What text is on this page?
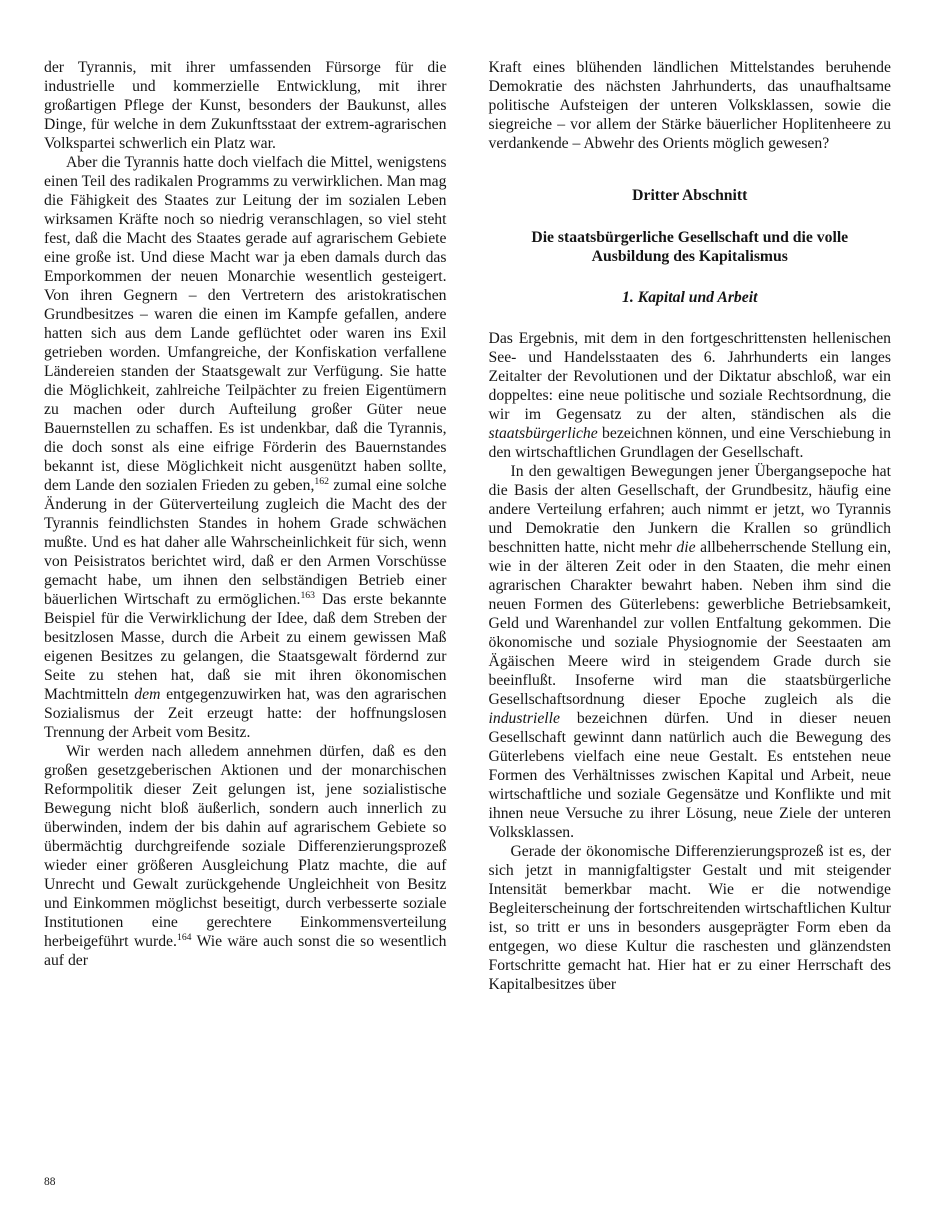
der Tyrannis, mit ihrer umfassenden Fürsorge für die industrielle und kommerzielle Entwicklung, mit ihrer großartigen Pflege der Kunst, besonders der Baukunst, alles Dinge, für welche in dem Zukunftsstaat der extrem-agrarischen Volkspartei schwerlich ein Platz war.

Aber die Tyrannis hatte doch vielfach die Mittel, wenigstens einen Teil des radikalen Programms zu verwirklichen. Man mag die Fähigkeit des Staates zur Leitung der im sozialen Leben wirksamen Kräfte noch so niedrig veranschlagen, so viel steht fest, daß die Macht des Staates gerade auf agrarischem Gebiete eine große ist. Und diese Macht war ja eben damals durch das Emporkommen der neuen Monarchie wesentlich gesteigert. Von ihren Gegnern – den Vertretern des aristokratischen Grundbesitzes – waren die einen im Kampfe gefallen, andere hatten sich aus dem Lande geflüchtet oder waren ins Exil getrieben worden. Umfangreiche, der Konfiskation verfallene Ländereien standen der Staatsgewalt zur Verfügung. Sie hatte die Möglichkeit, zahlreiche Teilpächter zu freien Eigentümern zu machen oder durch Aufteilung großer Güter neue Bauernstellen zu schaffen. Es ist undenkbar, daß die Tyrannis, die doch sonst als eine eifrige Förderin des Bauernstandes bekannt ist, diese Möglichkeit nicht ausgenützt haben sollte, dem Lande den sozialen Frieden zu geben,$^{162}$ zumal eine solche Änderung in der Güterverteilung zugleich die Macht des der Tyrannis feindlichsten Standes in hohem Grade schwächen mußte. Und es hat daher alle Wahrscheinlichkeit für sich, wenn von Peisistratos berichtet wird, daß er den Armen Vorschüsse gemacht habe, um ihnen den selbständigen Betrieb einer bäuerlichen Wirtschaft zu ermöglichen.$^{163}$ Das erste bekannte Beispiel für die Verwirklichung der Idee, daß dem Streben der besitzlosen Masse, durch die Arbeit zu einem gewissen Maß eigenen Besitzes zu gelangen, die Staatsgewalt fördernd zur Seite zu stehen hat, daß sie mit ihren ökonomischen Machtmitteln dem entgegenzuwirken hat, was den agrarischen Sozialismus der Zeit erzeugt hatte: der hoffnungslosen Trennung der Arbeit vom Besitz.

Wir werden nach alledem annehmen dürfen, daß es den großen gesetzgeberischen Aktionen und der monarchischen Reformpolitik dieser Zeit gelungen ist, jene sozialistische Bewegung nicht bloß äußerlich, sondern auch innerlich zu überwinden, indem der bis dahin auf agrarischem Gebiete so übermächtig durchgreifende soziale Differenzierungsprozeß wieder einer größeren Ausgleichung Platz machte, die auf Unrecht und Gewalt zurückgehende Ungleichheit von Besitz und Einkommen möglichst beseitigt, durch verbesserte soziale Institutionen eine gerechtere Einkommensverteilung herbeigeführt wurde.$^{164}$ Wie wäre auch sonst die so wesentlich auf der

Kraft eines blühenden ländlichen Mittelstandes beruhende Demokratie des nächsten Jahrhunderts, das unaufhaltsame politische Aufsteigen der unteren Volksklassen, sowie die siegreiche – vor allem der Stärke bäuerlicher Hoplitenheere zu verdankende – Abwehr des Orients möglich gewesen?

Dritter Abschnitt
Die staatsbürgerliche Gesellschaft und die volle Ausbildung des Kapitalismus
1. Kapital und Arbeit

Das Ergebnis, mit dem in den fortgeschrittensten hellenischen See- und Handelsstaaten des 6. Jahrhunderts ein langes Zeitalter der Revolutionen und der Diktatur abschloß, war ein doppeltes: eine neue politische und soziale Rechtsordnung, die wir im Gegensatz zu der alten, ständischen als die staatsbürgerliche bezeichnen können, und eine Verschiebung in den wirtschaftlichen Grundlagen der Gesellschaft.

In den gewaltigen Bewegungen jener Übergangsepoche hat die Basis der alten Gesellschaft, der Grundbesitz, häufig eine andere Verteilung erfahren; auch nimmt er jetzt, wo Tyrannis und Demokratie den Junkern die Krallen so gründlich beschnitten hatte, nicht mehr die allbeherrschende Stellung ein, wie in der älteren Zeit oder in den Staaten, die mehr einen agrarischen Charakter bewahrt haben. Neben ihm sind die neuen Formen des Güterlebens: gewerbliche Betriebsamkeit, Geld und Warenhandel zur vollen Entfaltung gekommen. Die ökonomische und soziale Physiognomie der Seestaaten am Ägäischen Meere wird in steigendem Grade durch sie beeinflußt. Insoferne wird man die staatsbürgerliche Gesellschaftsordnung dieser Epoche zugleich als die industrielle bezeichnen dürfen. Und in dieser neuen Gesellschaft gewinnt dann natürlich auch die Bewegung des Güterlebens vielfach eine neue Gestalt. Es entstehen neue Formen des Verhältnisses zwischen Kapital und Arbeit, neue wirtschaftliche und soziale Gegensätze und Konflikte und mit ihnen neue Versuche zu ihrer Lösung, neue Ziele der unteren Volksklassen.

Gerade der ökonomische Differenzierungsprozeß ist es, der sich jetzt in mannigfaltigster Gestalt und mit steigender Intensität bemerkbar macht. Wie er die notwendige Begleiterscheinung der fortschreitenden wirtschaftlichen Kultur ist, so tritt er uns in besonders ausgeprägter Form eben da entgegen, wo diese Kultur die raschesten und glänzendsten Fortschritte gemacht hat. Hier hat er zu einer Herrschaft des Kapitalbesitzes über

88
